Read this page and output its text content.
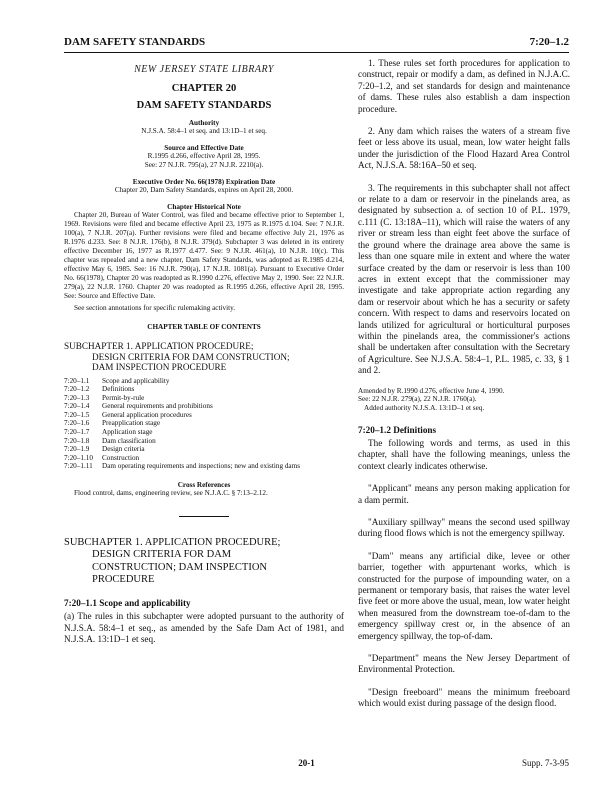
DAM SAFETY STANDARDS	7:20–1.2
NEW JERSEY STATE LIBRARY
CHAPTER 20
DAM SAFETY STANDARDS
Authority
N.J.S.A. 58:4–1 et seq. and 13:1D–1 et seq.
Source and Effective Date
R.1995 d.266, effective April 28, 1995.
See: 27 N.J.R. 795(a), 27 N.J.R. 2210(a).
Executive Order No. 66(1978) Expiration Date
Chapter 20, Dam Safety Standards, expires on April 28, 2000.
Chapter Historical Note
Chapter 20, Bureau of Water Control, was filed and became effective prior to September 1, 1969. Revisions were filed and became effective April 23, 1975 as R.1975 d.104. See: 7 N.J.R. 100(a), 7 N.J.R. 207(a). Further revisions were filed and became effective July 21, 1976 as R.1976 d.233. See: 8 N.J.R. 176(b), 8 N.J.R. 379(d). Subchapter 3 was deleted in its entirety effective December 16, 1977 as R.1977 d.477. See: 9 N.J.R. 461(a), 10 N.J.R. 10(c). This chapter was repealed and a new chapter, Dam Safety Standards, was adopted as R.1985 d.214, effective May 6, 1985. See: 16 N.J.R. 790(a), 17 N.J.R. 1081(a). Pursuant to Executive Order No. 66(1978), Chapter 20 was readopted as R.1990 d.276, effective May 2, 1990. See: 22 N.J.R. 279(a), 22 N.J.R. 1760. Chapter 20 was readopted as R.1995 d.266, effective April 28, 1995. See: Source and Effective Date.
See section annotations for specific rulemaking activity.
CHAPTER TABLE OF CONTENTS
SUBCHAPTER 1. APPLICATION PROCEDURE;
DESIGN CRITERIA FOR DAM CONSTRUCTION;
DAM INSPECTION PROCEDURE
7:20–1.1	Scope and applicability
7:20–1.2	Definitions
7:20–1.3	Permit-by-rule
7:20–1.4	General requirements and prohibitions
7:20–1.5	General application procedures
7:20–1.6	Preapplication stage
7:20–1.7	Application stage
7:20–1.8	Dam classification
7:20–1.9	Design criteria
7:20–1.10	Construction
7:20–1.11	Dam operating requirements and inspections; new and existing dams
Cross References
Flood control, dams, engineering review, see N.J.A.C. § 7:13–2.12.
SUBCHAPTER 1. APPLICATION PROCEDURE;
DESIGN CRITERIA FOR DAM
CONSTRUCTION; DAM INSPECTION
PROCEDURE
7:20–1.1 Scope and applicability
(a) The rules in this subchapter were adopted pursuant to the authority of N.J.S.A. 58:4–1 et seq., as amended by the Safe Dam Act of 1981, and N.J.S.A. 13:1D–1 et seq.
1. These rules set forth procedures for application to construct, repair or modify a dam, as defined in N.J.A.C. 7:20–1.2, and set standards for design and maintenance of dams. These rules also establish a dam inspection procedure.
2. Any dam which raises the waters of a stream five feet or less above its usual, mean, low water height falls under the jurisdiction of the Flood Hazard Area Control Act, N.J.S.A. 58:16A–50 et seq.
3. The requirements in this subchapter shall not affect or relate to a dam or reservoir in the pinelands area, as designated by subsection a. of section 10 of P.L. 1979, c.111 (C. 13:18A–11), which will raise the waters of any river or stream less than eight feet above the surface of the ground where the drainage area above the same is less than one square mile in extent and where the water surface created by the dam or reservoir is less than 100 acres in extent except that the commissioner may investigate and take appropriate action regarding any dam or reservoir about which he has a security or safety concern. With respect to dams and reservoirs located on lands utilized for agricultural or horticultural purposes within the pinelands area, the commissioner's actions shall be undertaken after consultation with the Secretary of Agriculture. See N.J.S.A. 58:4–1, P.L. 1985, c. 33, § 1 and 2.
Amended by R.1990 d.276, effective June 4, 1990.
See: 22 N.J.R. 279(a), 22 N.J.R. 1760(a).
Added authority N.J.S.A. 13:1D–1 et seq.
7:20–1.2 Definitions
The following words and terms, as used in this chapter, shall have the following meanings, unless the context clearly indicates otherwise.
"Applicant" means any person making application for a dam permit.
"Auxiliary spillway" means the second used spillway during flood flows which is not the emergency spillway.
"Dam" means any artificial dike, levee or other barrier, together with appurtenant works, which is constructed for the purpose of impounding water, on a permanent or temporary basis, that raises the water level five feet or more above the usual, mean, low water height when measured from the downstream toe-of-dam to the emergency spillway crest or, in the absence of an emergency spillway, the top-of-dam.
"Department" means the New Jersey Department of Environmental Protection.
"Design freeboard" means the minimum freeboard which would exist during passage of the design flood.
20-1	Supp. 7-3-95
